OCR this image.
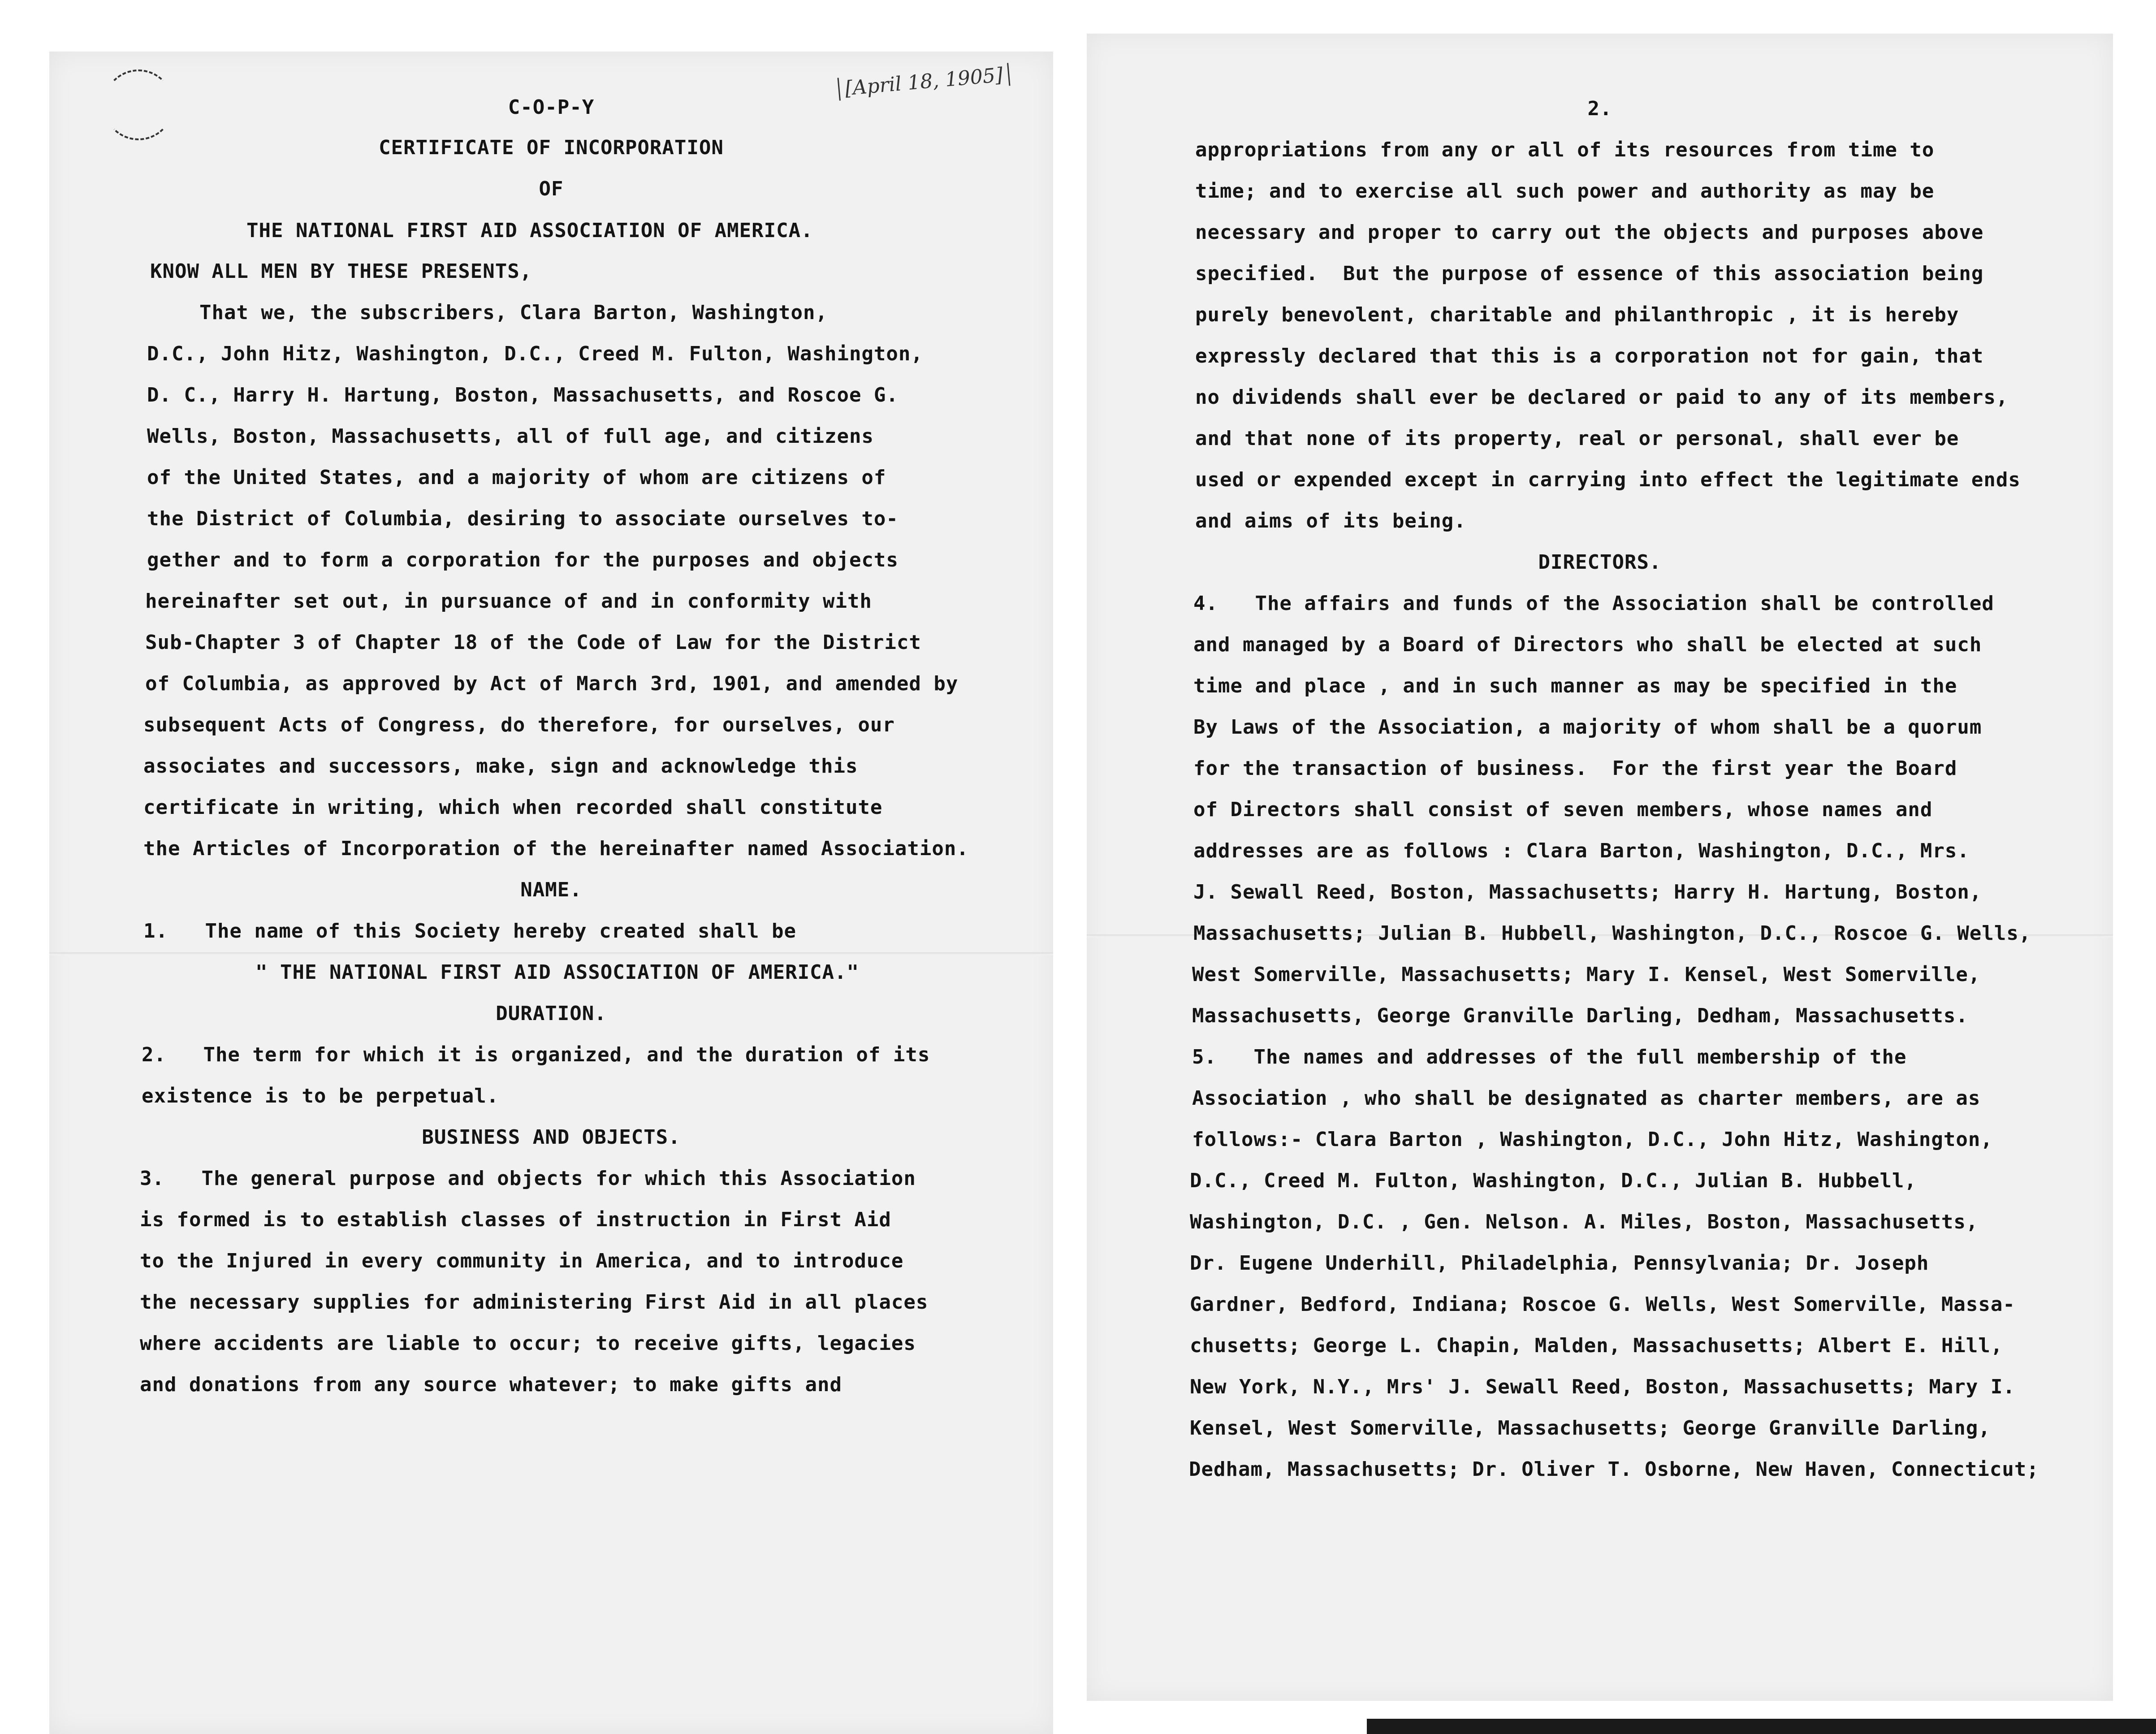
[April 18, 1905]
C-O-P-Y
CERTIFICATE OF INCORPORATION
OF
THE NATIONAL FIRST AID ASSOCIATION OF AMERICA.
KNOW ALL MEN BY THESE PRESENTS,
That we, the subscribers, Clara Barton, Washington,
D.C., John Hitz, Washington, D.C., Creed M. Fulton, Washington,
D. C., Harry H. Hartung, Boston, Massachusetts, and Roscoe G.
Wells, Boston, Massachusetts, all of full age, and citizens
of the United States, and a majority of whom are citizens of
the District of Columbia, desiring to associate ourselves to-
gether and to form a corporation for the purposes and objects
hereinafter set out, in pursuance of and in conformity with
Sub-Chapter 3 of Chapter 18 of the Code of Law for the District
of Columbia, as approved by Act of March 3rd, 1901, and amended by
subsequent Acts of Congress, do therefore, for ourselves, our
associates and successors, make, sign and acknowledge this
certificate in writing, which when recorded shall constitute
the Articles of Incorporation of the hereinafter named Association.
NAME.
1.   The name of this Society hereby created shall be
" THE NATIONAL FIRST AID ASSOCIATION OF AMERICA."
DURATION.
2.   The term for which it is organized, and the duration of its
existence is to be perpetual.
BUSINESS AND OBJECTS.
3.   The general purpose and objects for which this Association
is formed is to establish classes of instruction in First Aid
to the Injured in every community in America, and to introduce
the necessary supplies for administering First Aid in all places
where accidents are liable to occur; to receive gifts, legacies
and donations from any source whatever; to make gifts and
2.
appropriations from any or all of its resources from time to
time; and to exercise all such power and authority as may be
necessary and proper to carry out the objects and purposes above
specified.  But the purpose of essence of this association being
purely benevolent, charitable and philanthropic , it is hereby
expressly declared that this is a corporation not for gain, that
no dividends shall ever be declared or paid to any of its members,
and that none of its property, real or personal, shall ever be
used or expended except in carrying into effect the legitimate ends
and aims of its being.
DIRECTORS.
4.   The affairs and funds of the Association shall be controlled
and managed by a Board of Directors who shall be elected at such
time and place , and in such manner as may be specified in the
By Laws of the Association, a majority of whom shall be a quorum
for the transaction of business.  For the first year the Board
of Directors shall consist of seven members, whose names and
addresses are as follows : Clara Barton, Washington, D.C., Mrs.
J. Sewall Reed, Boston, Massachusetts; Harry H. Hartung, Boston,
Massachusetts; Julian B. Hubbell, Washington, D.C., Roscoe G. Wells,
West Somerville, Massachusetts; Mary I. Kensel, West Somerville,
Massachusetts, George Granville Darling, Dedham, Massachusetts.
5.   The names and addresses of the full membership of the
Association , who shall be designated as charter members, are as
follows:- Clara Barton , Washington, D.C., John Hitz, Washington,
D.C., Creed M. Fulton, Washington, D.C., Julian B. Hubbell,
Washington, D.C. , Gen. Nelson. A. Miles, Boston, Massachusetts,
Dr. Eugene Underhill, Philadelphia, Pennsylvania; Dr. Joseph
Gardner, Bedford, Indiana; Roscoe G. Wells, West Somerville, Massa-
chusetts; George L. Chapin, Malden, Massachusetts; Albert E. Hill,
New York, N.Y., Mrs' J. Sewall Reed, Boston, Massachusetts; Mary I.
Kensel, West Somerville, Massachusetts; George Granville Darling,
Dedham, Massachusetts; Dr. Oliver T. Osborne, New Haven, Connecticut;
